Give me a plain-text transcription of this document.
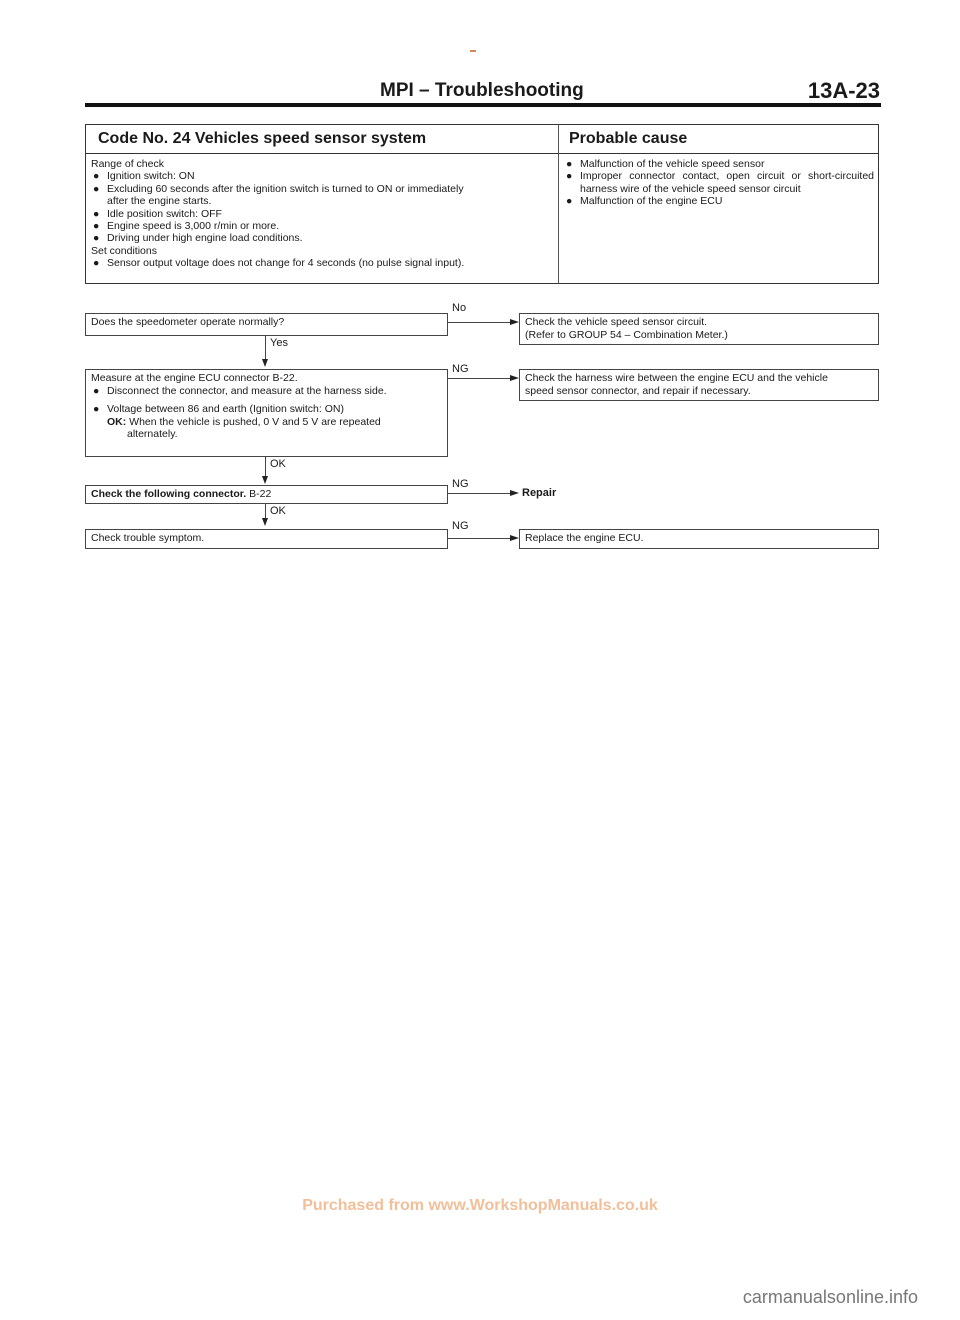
MPI – Troubleshooting	13A-23
Code No. 24 Vehicles speed sensor system	Probable cause
Range of check
● Ignition switch: ON
● Excluding 60 seconds after the ignition switch is turned to ON or immediately
after the engine starts.
● Idle position switch: OFF
● Engine speed is 3,000 r/min or more.
● Driving under high engine load conditions.
Set conditions
● Sensor output voltage does not change for 4 seconds (no pulse signal input).
● Malfunction of the vehicle speed sensor
● Improper connector contact, open circuit or short-circuited harness wire of the vehicle speed sensor circuit
● Malfunction of the engine ECU
Does the speedometer operate normally?
No
Check the vehicle speed sensor circuit.
(Refer to GROUP 54 – Combination Meter.)
Yes
Measure at the engine ECU connector B-22.
● Disconnect the connector, and measure at the harness side.
● Voltage between 86 and earth (Ignition switch: ON)
OK: When the vehicle is pushed, 0 V and 5 V are repeated
alternately.
NG
Check the harness wire between the engine ECU and the vehicle
speed sensor connector, and repair if necessary.
OK
Check the following connector. B-22
NG
Repair
OK
Check trouble symptom.
NG
Replace the engine ECU.
Purchased from www.WorkshopManuals.co.uk
carmanualsonline.info
